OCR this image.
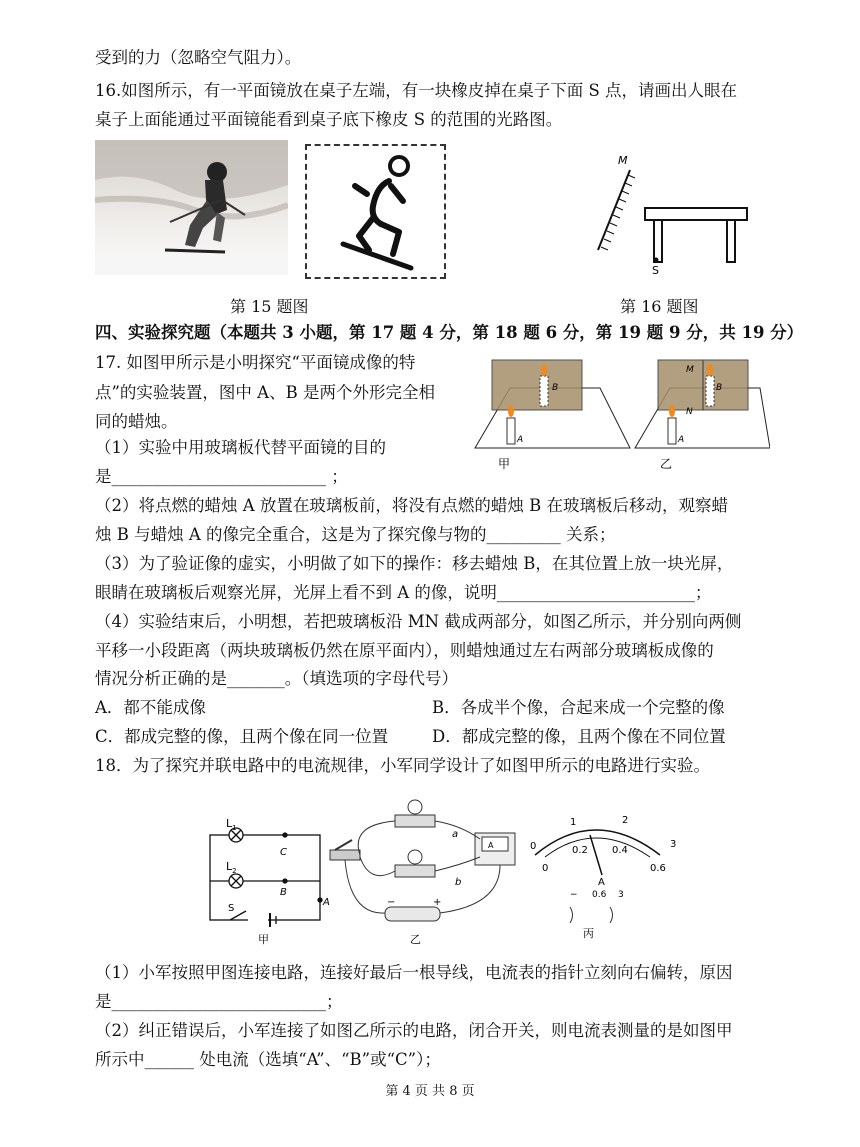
受到的力（忽略空气阻力）。
16.如图所示，有一平面镜放在桌子左端，有一块橡皮掉在桌子下面 S 点，请画出人眼在
桌子上面能通过平面镜能看到桌子底下橡皮 S 的范围的光路图。
第 15 题图
M
S
第 16 题图
四、实验探究题（本题共 3 小题，第 17 题 4 分，第 18 题 6 分，第 19 题 9 分，共 19 分）
17. 如图甲所示是小明探究“平面镜成像的特
点”的实验装置，图中 A、B 是两个外形完全相
同的蜡烛。
（1）实验中用玻璃板代替平面镜的目的
是__________________________ ；
B
A
甲
M
N
B
A
乙
（2）将点燃的蜡烛 A 放置在玻璃板前，将没有点燃的蜡烛 B 在玻璃板后移动，观察蜡
烛 B 与蜡烛 A 的像完全重合，这是为了探究像与物的_________ 关系；
（3）为了验证像的虚实，小明做了如下的操作：移去蜡烛 B，在其位置上放一块光屏，
眼睛在玻璃板后观察光屏，光屏上看不到 A 的像，说明________________________；
（4）实验结束后，小明想，若把玻璃板沿 MN 截成两部分，如图乙所示，并分别向两侧
平移一小段距离（两块玻璃板仍然在原平面内），则蜡烛通过左右两部分玻璃板成像的
情况分析正确的是_______。（填选项的字母代号）
A．都不能成像	B．各成半个像，合起来成一个完整的像
C．都成完整的像，且两个像在同一位置	D．都成完整的像，且两个像在不同位置
18．为了探究并联电路中的电流规律，小军同学设计了如图甲所示的电路进行实验。
$L_1$
$L_2$
C
B
A
S
甲
A
a
b
−	+
乙
1	2
3
0	0.2 0.4
0.6
0
A
− 0.6 3
丙
（1）小军按照甲图连接电路，连接好最后一根导线，电流表的指针立刻向右偏转，原因
是__________________________；
（2）纠正错误后，小军连接了如图乙所示的电路，闭合开关，则电流表测量的是如图甲
所示中______ 处电流（选填“A”、“B”或“C”）；
第 4 页 共 8 页
